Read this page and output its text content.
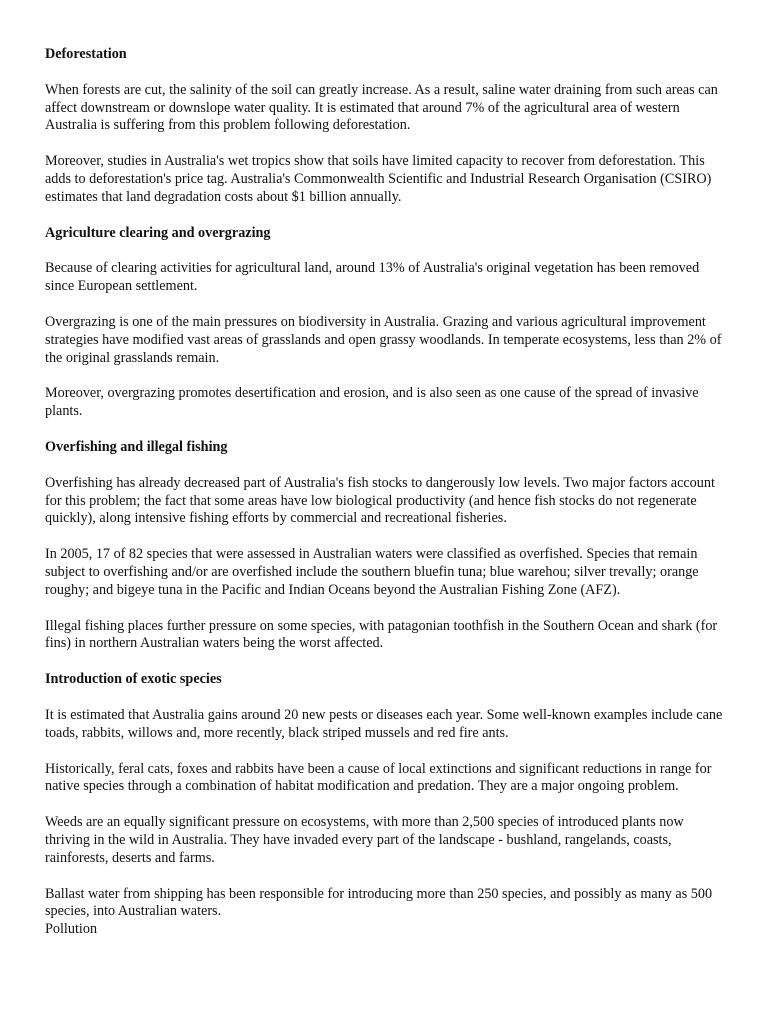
Deforestation

When forests are cut, the salinity of the soil can greatly increase. As a result, saline water draining from such areas can affect downstream or downslope water quality. It is estimated that around 7% of the agricultural area of western Australia is suffering from this problem following deforestation.

Moreover, studies in Australia's wet tropics show that soils have limited capacity to recover from deforestation. This adds to deforestation's price tag. Australia's Commonwealth Scientific and Industrial Research Organisation (CSIRO) estimates that land degradation costs about $1 billion annually.

Agriculture clearing and overgrazing

Because of clearing activities for agricultural land, around 13% of Australia's original vegetation has been removed since European settlement.

Overgrazing is one of the main pressures on biodiversity in Australia. Grazing and various agricultural improvement strategies have modified vast areas of grasslands and open grassy woodlands. In temperate ecosystems, less than 2% of the original grasslands remain.

Moreover, overgrazing promotes desertification and erosion, and is also seen as one cause of the spread of invasive plants.

Overfishing and illegal fishing

Overfishing has already decreased part of Australia's fish stocks to dangerously low levels. Two major factors account for this problem; the fact that some areas have low biological productivity (and hence fish stocks do not regenerate quickly), along intensive fishing efforts by commercial and recreational fisheries.

In 2005, 17 of 82 species that were assessed in Australian waters were classified as overfished. Species that remain subject to overfishing and/or are overfished include the southern bluefin tuna; blue warehou; silver trevally; orange roughy; and bigeye tuna in the Pacific and Indian Oceans beyond the Australian Fishing Zone (AFZ).

Illegal fishing places further pressure on some species, with patagonian toothfish in the Southern Ocean and shark (for fins) in northern Australian waters being the worst affected.

Introduction of exotic species

It is estimated that Australia gains around 20 new pests or diseases each year. Some well-known examples include cane toads, rabbits, willows and, more recently, black striped mussels and red fire ants.

Historically, feral cats, foxes and rabbits have been a cause of local extinctions and significant reductions in range for native species through a combination of habitat modification and predation. They are a major ongoing problem.

Weeds are an equally significant pressure on ecosystems, with more than 2,500 species of introduced plants now thriving in the wild in Australia. They have invaded every part of the landscape - bushland, rangelands, coasts, rainforests, deserts and farms.

Ballast water from shipping has been responsible for introducing more than 250 species, and possibly as many as 500 species, into Australian waters.

Pollution
